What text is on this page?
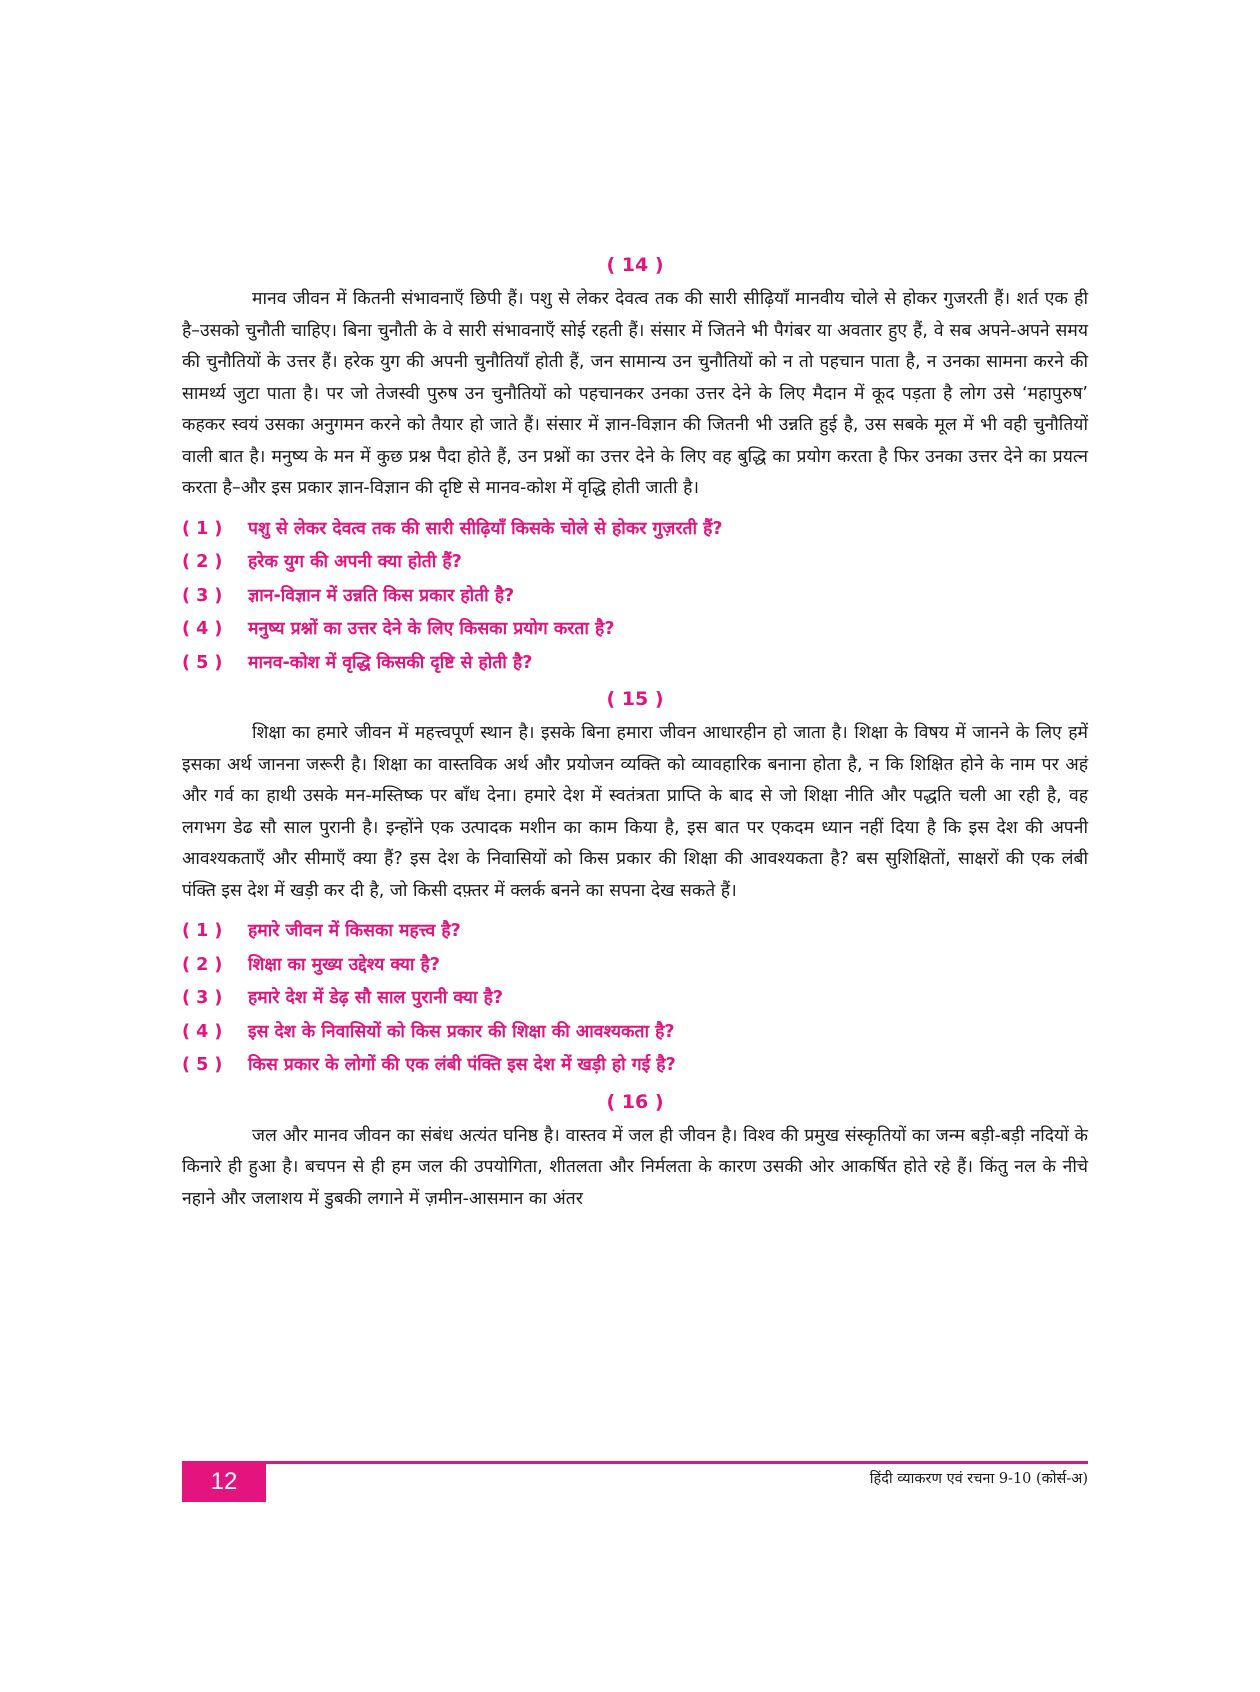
( 14 )

मानव जीवन में कितनी संभावनाएँ छिपी हैं। पशु से लेकर देवत्व तक की सारी सीढ़ियाँ मानवीय चोले से होकर गुजरती हैं। शर्त एक ही है–उसको चुनौती चाहिए। बिना चुनौती के वे सारी संभावनाएँ सोई रहती हैं। संसार में जितने भी पैगंबर या अवतार हुए हैं, वे सब अपने-अपने समय की चुनौतियों के उत्तर हैं। हरेक युग की अपनी चुनौतियाँ होती हैं, जन सामान्य उन चुनौतियों को न तो पहचान पाता है, न उनका सामना करने की सामर्थ्य जुटा पाता है। पर जो तेजस्वी पुरुष उन चुनौतियों को पहचानकर उनका उत्तर देने के लिए मैदान में कूद पड़ता है लोग उसे ‘महापुरुष’ कहकर स्वयं उसका अनुगमन करने को तैयार हो जाते हैं। संसार में ज्ञान-विज्ञान की जितनी भी उन्नति हुई है, उस सबके मूल में भी वही चुनौतियों वाली बात है। मनुष्य के मन में कुछ प्रश्न पैदा होते हैं, उन प्रश्नों का उत्तर देने के लिए वह बुद्धि का प्रयोग करता है फिर उनका उत्तर देने का प्रयत्न करता है–और इस प्रकार ज्ञान-विज्ञान की दृष्टि से मानव-कोश में वृद्धि होती जाती है।

( 1 )	पशु से लेकर देवत्व तक की सारी सीढ़ियाँ किसके चोले से होकर गुज़रती हैं?
( 2 )	हरेक युग की अपनी क्या होती हैं?
( 3 )	ज्ञान-विज्ञान में उन्नति किस प्रकार होती है?
( 4 )	मनुष्य प्रश्नों का उत्तर देने के लिए किसका प्रयोग करता है?
( 5 )	मानव-कोश में वृद्धि किसकी दृष्टि से होती है?
( 15 )

शिक्षा का हमारे जीवन में महत्त्वपूर्ण स्थान है। इसके बिना हमारा जीवन आधारहीन हो जाता है। शिक्षा के विषय में जानने के लिए हमें इसका अर्थ जानना जरूरी है। शिक्षा का वास्तविक अर्थ और प्रयोजन व्यक्ति को व्यावहारिक बनाना होता है, न कि शिक्षित होने के नाम पर अहं और गर्व का हाथी उसके मन-मस्तिष्क पर बाँध देना। हमारे देश में स्वतंत्रता प्राप्ति के बाद से जो शिक्षा नीति और पद्धति चली आ रही है, वह लगभग डेढ सौ साल पुरानी है। इन्होंने एक उत्पादक मशीन का काम किया है, इस बात पर एकदम ध्यान नहीं दिया है कि इस देश की अपनी आवश्यकताएँ और सीमाएँ क्या हैं? इस देश के निवासियों को किस प्रकार की शिक्षा की आवश्यकता है? बस सुशिक्षितों, साक्षरों की एक लंबी पंक्ति इस देश में खड़ी कर दी है, जो किसी दफ़्तर में क्लर्क बनने का सपना देख सकते हैं।

( 1 )	हमारे जीवन में किसका महत्त्व है?
( 2 )	शिक्षा का मुख्य उद्देश्य क्या है?
( 3 )	हमारे देश में डेढ़ सौ साल पुरानी क्या है?
( 4 )	इस देश के निवासियों को किस प्रकार की शिक्षा की आवश्यकता है?
( 5 )	किस प्रकार के लोगों की एक लंबी पंक्ति इस देश में खड़ी हो गई है?
( 16 )

जल और मानव जीवन का संबंध अत्यंत घनिष्ठ है। वास्तव में जल ही जीवन है। विश्व की प्रमुख संस्कृतियों का जन्म बड़ी-बड़ी नदियों के किनारे ही हुआ है। बचपन से ही हम जल की उपयोगिता, शीतलता और निर्मलता के कारण उसकी ओर आकर्षित होते रहे हैं। किंतु नल के नीचे नहाने और जलाशय में डुबकी लगाने में ज़मीन-आसमान का अंतर

12	हिंदी व्याकरण एवं रचना 9-10 (कोर्स-अ)
